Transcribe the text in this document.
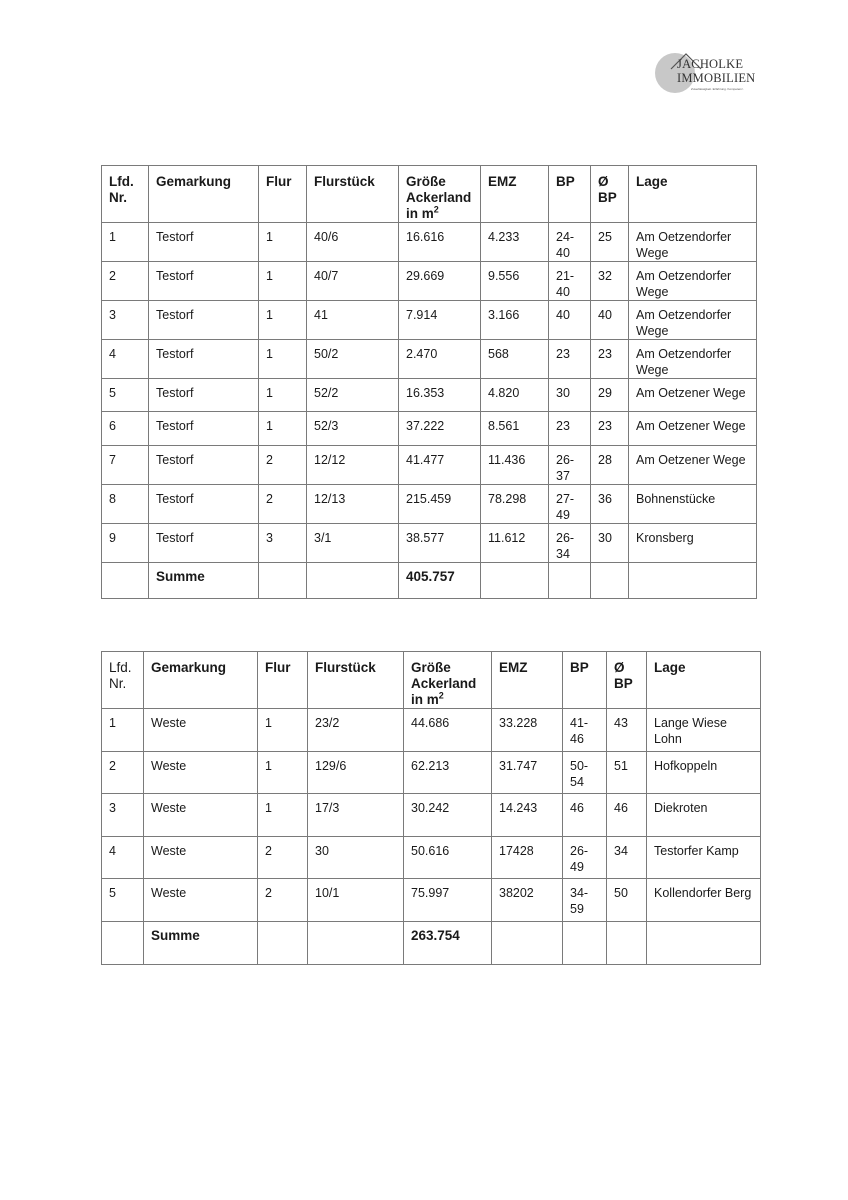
JACHOLKE
IMMOBILIEN
Zuverlässigkeit. Erfahrung. Kompetenz.
Lfd. Nr.	Gemarkung	Flur	Flurstück	Größe Ackerland in $m^2$	EMZ	BP	Ø BP	Lage
1	Testorf	1	40/6	16.616	4.233	24-40	25	Am Oetzendorfer Wege
2	Testorf	1	40/7	29.669	9.556	21-40	32	Am Oetzendorfer Wege
3	Testorf	1	41	7.914	3.166	40	40	Am Oetzendorfer Wege
4	Testorf	1	50/2	2.470	568	23	23	Am Oetzendorfer Wege
5	Testorf	1	52/2	16.353	4.820	30	29	Am Oetzener Wege
6	Testorf	1	52/3	37.222	8.561	23	23	Am Oetzener Wege
7	Testorf	2	12/12	41.477	11.436	26-37	28	Am Oetzener Wege
8	Testorf	2	12/13	215.459	78.298	27-49	36	Bohnenstücke
9	Testorf	3	3/1	38.577	11.612	26-34	30	Kronsberg
	Summe			405.757				
Lfd. Nr.	Gemarkung	Flur	Flurstück	Größe Ackerland in $m^2$	EMZ	BP	Ø BP	Lage
1	Weste	1	23/2	44.686	33.228	41-46	43	Lange Wiese Lohn
2	Weste	1	129/6	62.213	31.747	50-54	51	Hofkoppeln
3	Weste	1	17/3	30.242	14.243	46	46	Diekroten
4	Weste	2	30	50.616	17428	26-49	34	Testorfer Kamp
5	Weste	2	10/1	75.997	38202	34-59	50	Kollendorfer Berg
	Summe			263.754				
